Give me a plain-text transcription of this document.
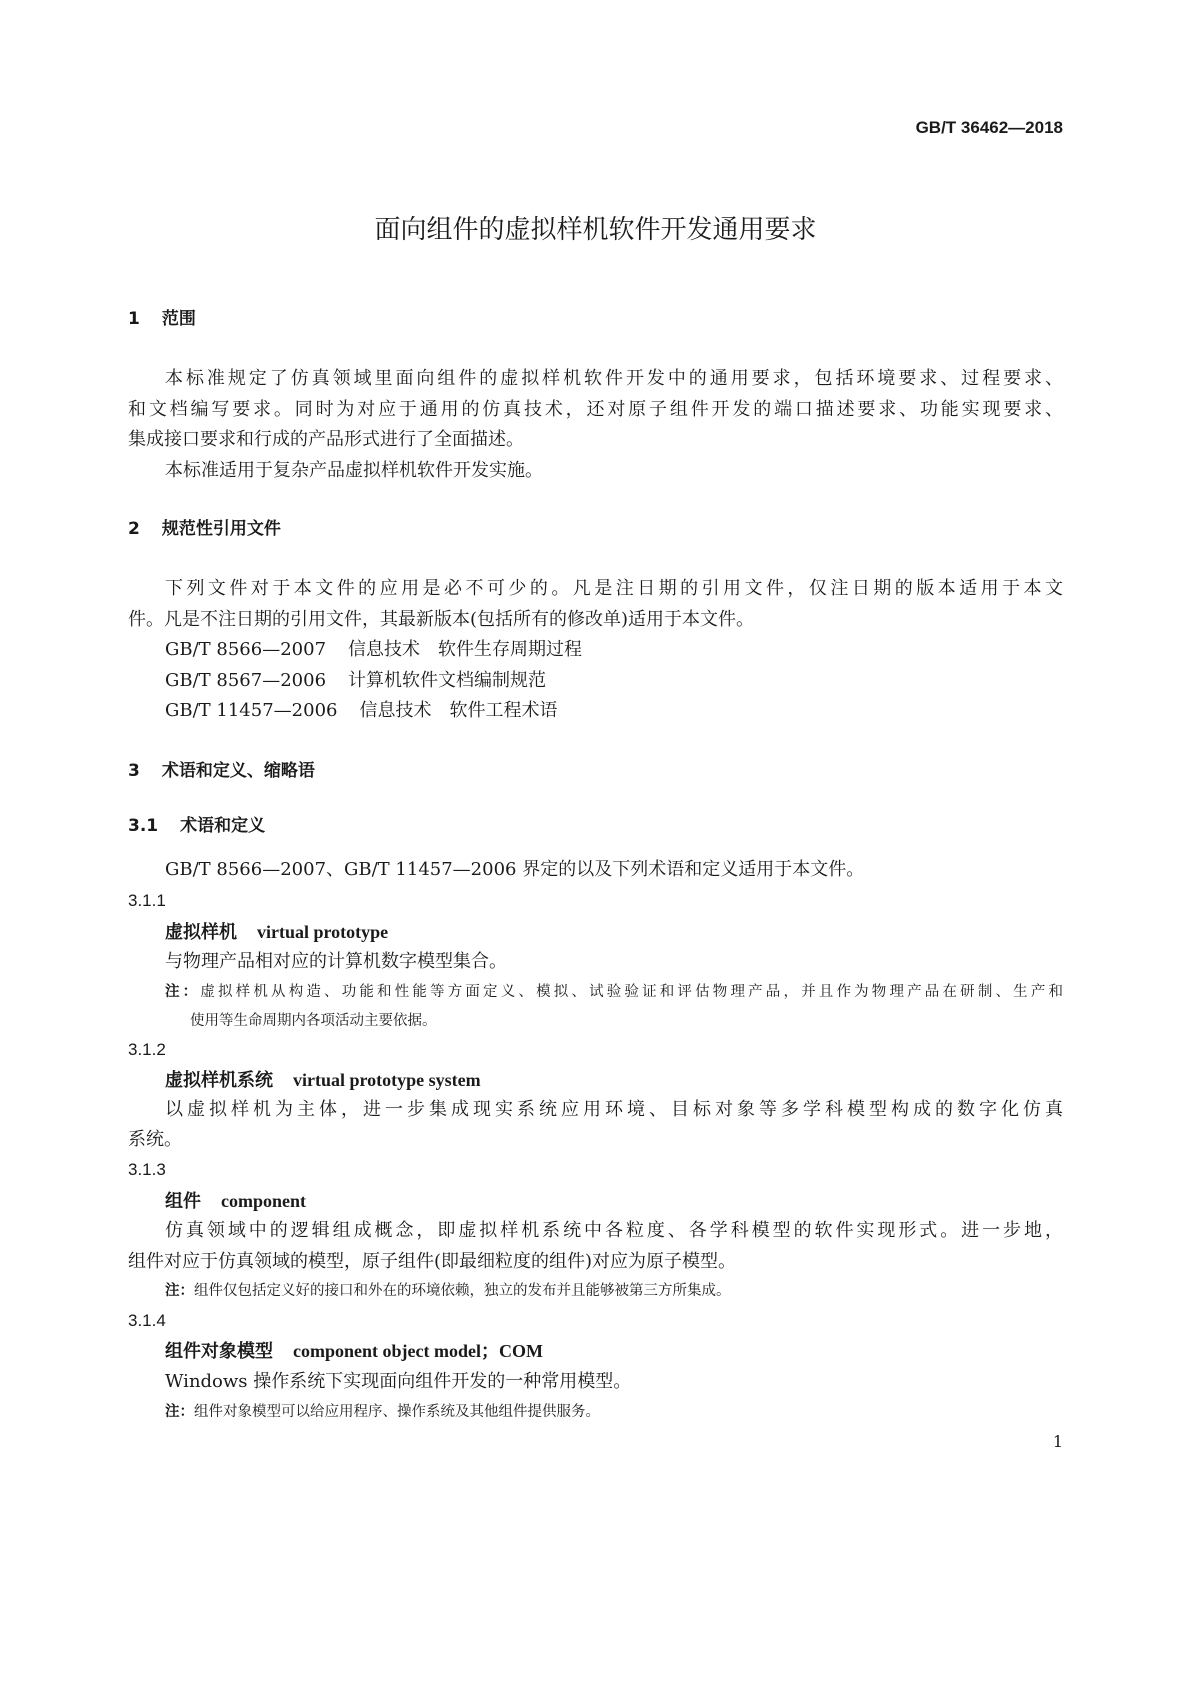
GB/T 36462—2018
面向组件的虚拟样机软件开发通用要求
1 范围
本标准规定了仿真领域里面向组件的虚拟样机软件开发中的通用要求，包括环境要求、过程要求、
和文档编写要求。同时为对应于通用的仿真技术，还对原子组件开发的端口描述要求、功能实现要求、
集成接口要求和行成的产品形式进行了全面描述。
本标准适用于复杂产品虚拟样机软件开发实施。
2 规范性引用文件
下列文件对于本文件的应用是必不可少的。凡是注日期的引用文件，仅注日期的版本适用于本文
件。凡是不注日期的引用文件，其最新版本(包括所有的修改单)适用于本文件。
GB/T 8566—2007 信息技术　软件生存周期过程
GB/T 8567—2006 计算机软件文档编制规范
GB/T 11457—2006 信息技术　软件工程术语
3 术语和定义、缩略语
3.1 术语和定义
GB/T 8566—2007、GB/T 11457—2006 界定的以及下列术语和定义适用于本文件。
3.1.1
虚拟样机 virtual prototype
与物理产品相对应的计算机数字模型集合。
注：虚拟样机从构造、功能和性能等方面定义、模拟、试验验证和评估物理产品，并且作为物理产品在研制、生产和
使用等生命周期内各项活动主要依据。
3.1.2
虚拟样机系统 virtual prototype system
以虚拟样机为主体，进一步集成现实系统应用环境、目标对象等多学科模型构成的数字化仿真
系统。
3.1.3
组件 component
仿真领域中的逻辑组成概念，即虚拟样机系统中各粒度、各学科模型的软件实现形式。进一步地，
组件对应于仿真领域的模型，原子组件(即最细粒度的组件)对应为原子模型。
注：组件仅包括定义好的接口和外在的环境依赖，独立的发布并且能够被第三方所集成。
3.1.4
组件对象模型 component object model；COM
Windows 操作系统下实现面向组件开发的一种常用模型。
注：组件对象模型可以给应用程序、操作系统及其他组件提供服务。
1
